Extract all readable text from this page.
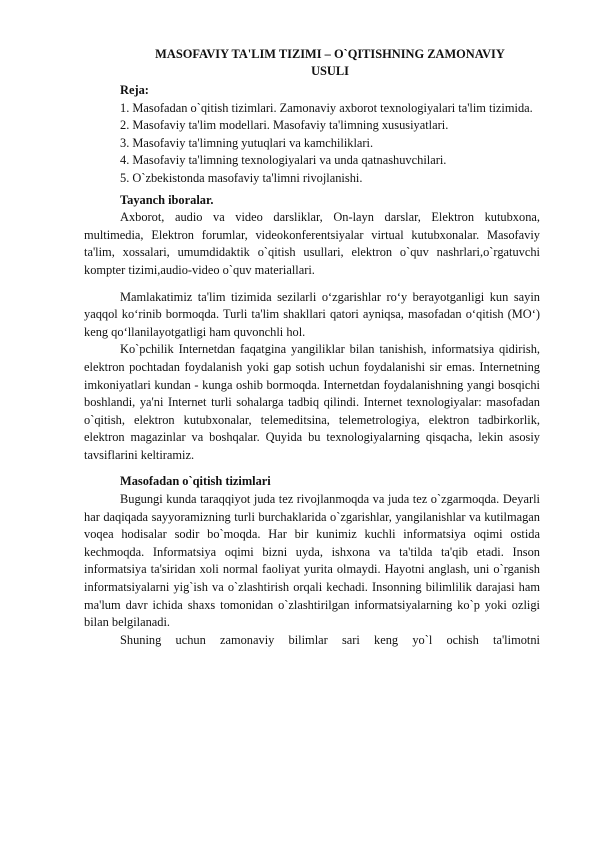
MASOFAVIY TA'LIM TIZIMI – O`QITISHNING ZAMONAVIY
USULI

Reja:

1. Masofadan o`qitish tizimlari. Zamonaviy axborot texnologiyalari ta'lim tizimida.

2. Masofaviy ta'lim modellari. Masofaviy ta'limning xususiyatlari.

3. Masofaviy ta'limning yutuqlari va kamchiliklari.

4. Masofaviy ta'limning texnologiyalari va unda qatnashuvchilari.

5. O`zbekistonda masofaviy ta'limni rivojlanishi.

Tayanch iboralar.

Axborot, audio va video darsliklar, On-layn darslar, Elektron kutubxona, multimedia, Elektron forumlar, videokonferentsiyalar virtual kutubxonalar. Masofaviy ta'lim, xossalari, umumdidaktik o`qitish usullari, elektron o`quv nashrlari,o`rgatuvchi kompter tizimi,audio-video o`quv materiallari.

Mamlakatimiz ta'lim tizimida sezilarli o‘zgarishlar ro‘y berayotganligi kun sayin yaqqol ko‘rinib bormoqda. Turli ta'lim shakllari qatori ayniqsa, masofadan o‘qitish (MO‘) keng qo‘llanilayotgatligi ham quvonchli hol.

Ko`pchilik Internetdan faqatgina yangiliklar bilan tanishish, informatsiya qidirish, elektron pochtadan foydalanish yoki gap sotish uchun foydalanishi sir emas. Internetning imkoniyatlari kundan - kunga oshib bormoqda. Internetdan foydalanishning yangi bosqichi boshlandi, ya'ni Internet turli sohalarga tadbiq qilindi. Internet texnologiyalar: masofadan o`qitish, elektron kutubxonalar, telemeditsina, telemetrologiya, elektron tadbirkorlik, elektron magazinlar va boshqalar. Quyida bu texnologiyalarning qisqacha, lekin asosiy tavsiflarini keltiramiz.

Masofadan o`qitish tizimlari

Bugungi kunda taraqqiyot juda tez rivojlanmoqda va juda tez o`zgarmoqda. Deyarli har daqiqada sayyoramizning turli burchaklarida o`zgarishlar, yangilanishlar va kutilmagan voqea hodisalar sodir bo`moqda. Har bir kunimiz kuchli informatsiya oqimi ostida kechmoqda. Informatsiya oqimi bizni uyda, ishxona va ta'tilda ta'qib etadi. Inson informatsiya ta'siridan xoli normal faoliyat yurita olmaydi. Hayotni anglash, uni o`rganish informatsiyalarni yig`ish va o`zlashtirish orqali kechadi. Insonning bilimlilik darajasi ham ma'lum davr ichida shaxs tomonidan o`zlashtirilgan informatsiyalarning ko`p yoki ozligi bilan belgilanadi.

Shuning uchun zamonaviy bilimlar sari keng yo`l ochish ta'limotni
